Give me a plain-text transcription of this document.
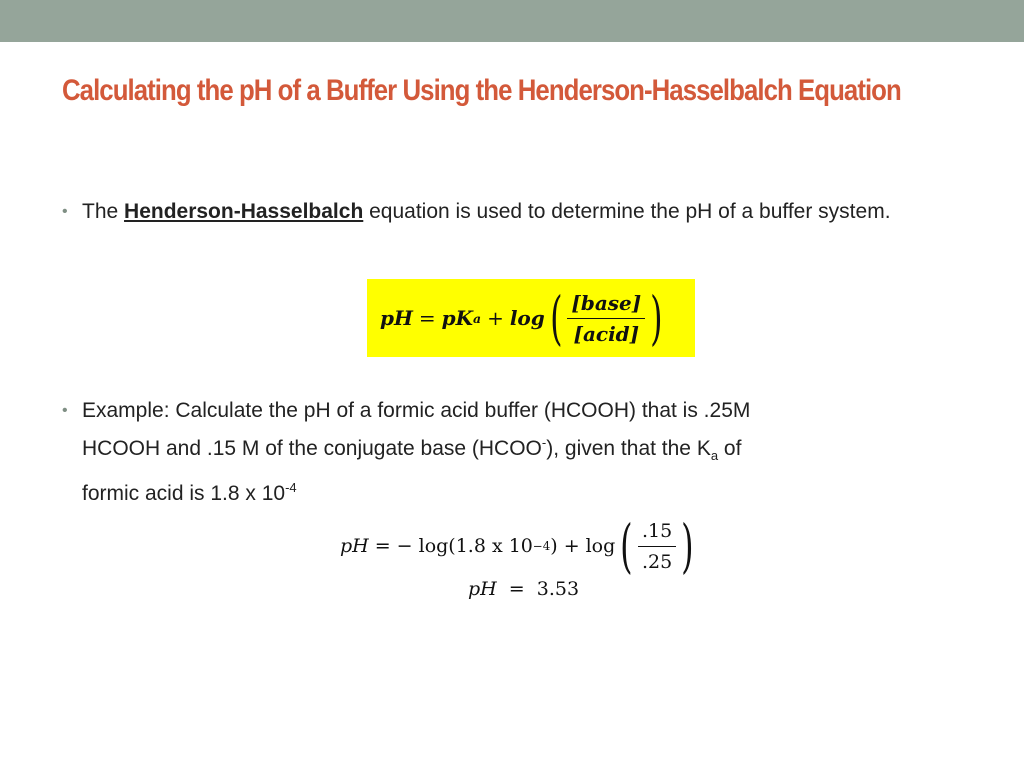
Calculating the pH of a Buffer Using the Henderson-Hasselbalch Equation
• The Henderson-Hasselbalch equation is used to determine the pH of a buffer system.
pH = pK a + log ( $\frac{\text{[base]}}{\text{[acid]}}$ )
• Example: Calculate the pH of a formic acid buffer (HCOOH) that is .25M
HCOOH and .15 M of the conjugate base (HCOO-), given that the $K_a$ of
formic acid is 1.8 x $10^{-4}$
pH = − log(1.8 x 10 −4 ) + log ( $\frac{.15}{.25}$ )
pH = 3.53
